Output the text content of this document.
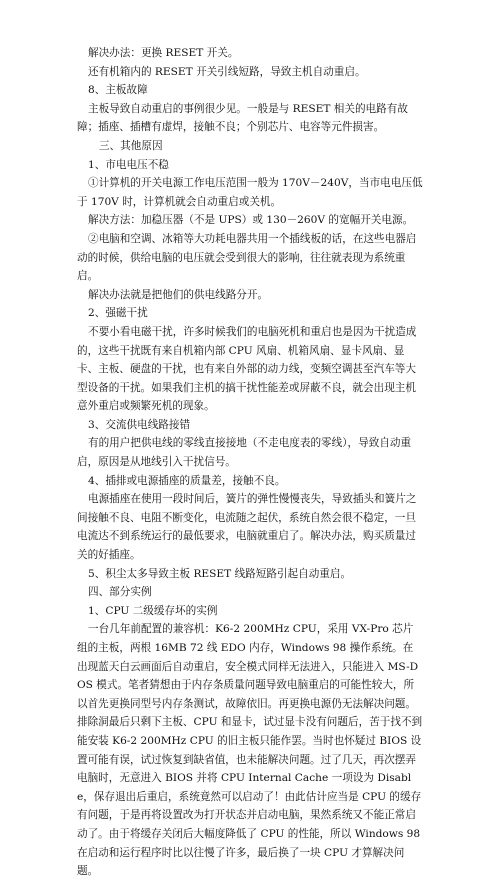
解决办法：更换 RESET 开关。

还有机箱内的 RESET 开关引线短路，导致主机自动重启。

8、主板故障

主板导致自动重启的事例很少见。一般是与 RESET 相关的电路有故障；插座、插槽有虚焊，接触不良；个别芯片、电容等元件损害。

三、其他原因

1、市电电压不稳

①计算机的开关电源工作电压范围一般为 170V－240V，当市电电压低于 170V 时，计算机就会自动重启或关机。

解决方法：加稳压器（不是 UPS）或 130－260V 的宽幅开关电源。

②电脑和空调、冰箱等大功耗电器共用一个插线板的话，在这些电器启动的时候，供给电脑的电压就会受到很大的影响，往往就表现为系统重启。

解决办法就是把他们的供电线路分开。

2、强磁干扰

不要小看电磁干扰，许多时候我们的电脑死机和重启也是因为干扰造成的，这些干扰既有来自机箱内部 CPU 风扇、机箱风扇、显卡风扇、显卡、主板、硬盘的干扰，也有来自外部的动力线，变频空调甚至汽车等大型设备的干扰。如果我们主机的搞干扰性能差或屏蔽不良，就会出现主机意外重启或频繁死机的现象。

3、交流供电线路接错

有的用户把供电线的零线直接接地（不走电度表的零线），导致自动重启，原因是从地线引入干扰信号。

4、插排或电源插座的质量差，接触不良。

电源插座在使用一段时间后，簧片的弹性慢慢丧失，导致插头和簧片之间接触不良、电阻不断变化，电流随之起伏，系统自然会很不稳定，一旦电流达不到系统运行的最低要求，电脑就重启了。解决办法，购买质量过关的好插座。

5、积尘太多导致主板 RESET 线路短路引起自动重启。

四、部分实例

1、CPU 二级缓存坏的实例

一台几年前配置的兼容机：K6-2 200MHz CPU，采用 VX-Pro 芯片组的主板，两根 16MB 72 线 EDO 内存，Windows 98 操作系统。在出现蓝天白云画面后自动重启，安全模式同样无法进入，只能进入 MS-DOS 模式。笔者猜想由于内存条质量问题导致电脑重启的可能性较大，所以首先更换同型号内存条测试，故障依旧。再更换电源仍无法解决问题。排除洞最后只剩下主板、CPU 和显卡，试过显卡没有问题后，苦于找不到能安装 K6-2 200MHz CPU 的旧主板只能作罢。当时也怀疑过 BIOS 设置可能有误，试过恢复到缺省值，也未能解决问题。过了几天，再次摆弄电脑时，无意进入 BIOS 并将 CPU Internal Cache 一项设为 Disable，保存退出后重启，系统竟然可以启动了！由此估计应当是 CPU 的缓存有问题，于是再将设置改为打开状态并启动电脑，果然系统又不能正常启动了。由于将缓存关闭后大幅度降低了 CPU 的性能，所以 Windows 98 在启动和运行程序时比以往慢了许多，最后换了一块 CPU 才算解决问题。
